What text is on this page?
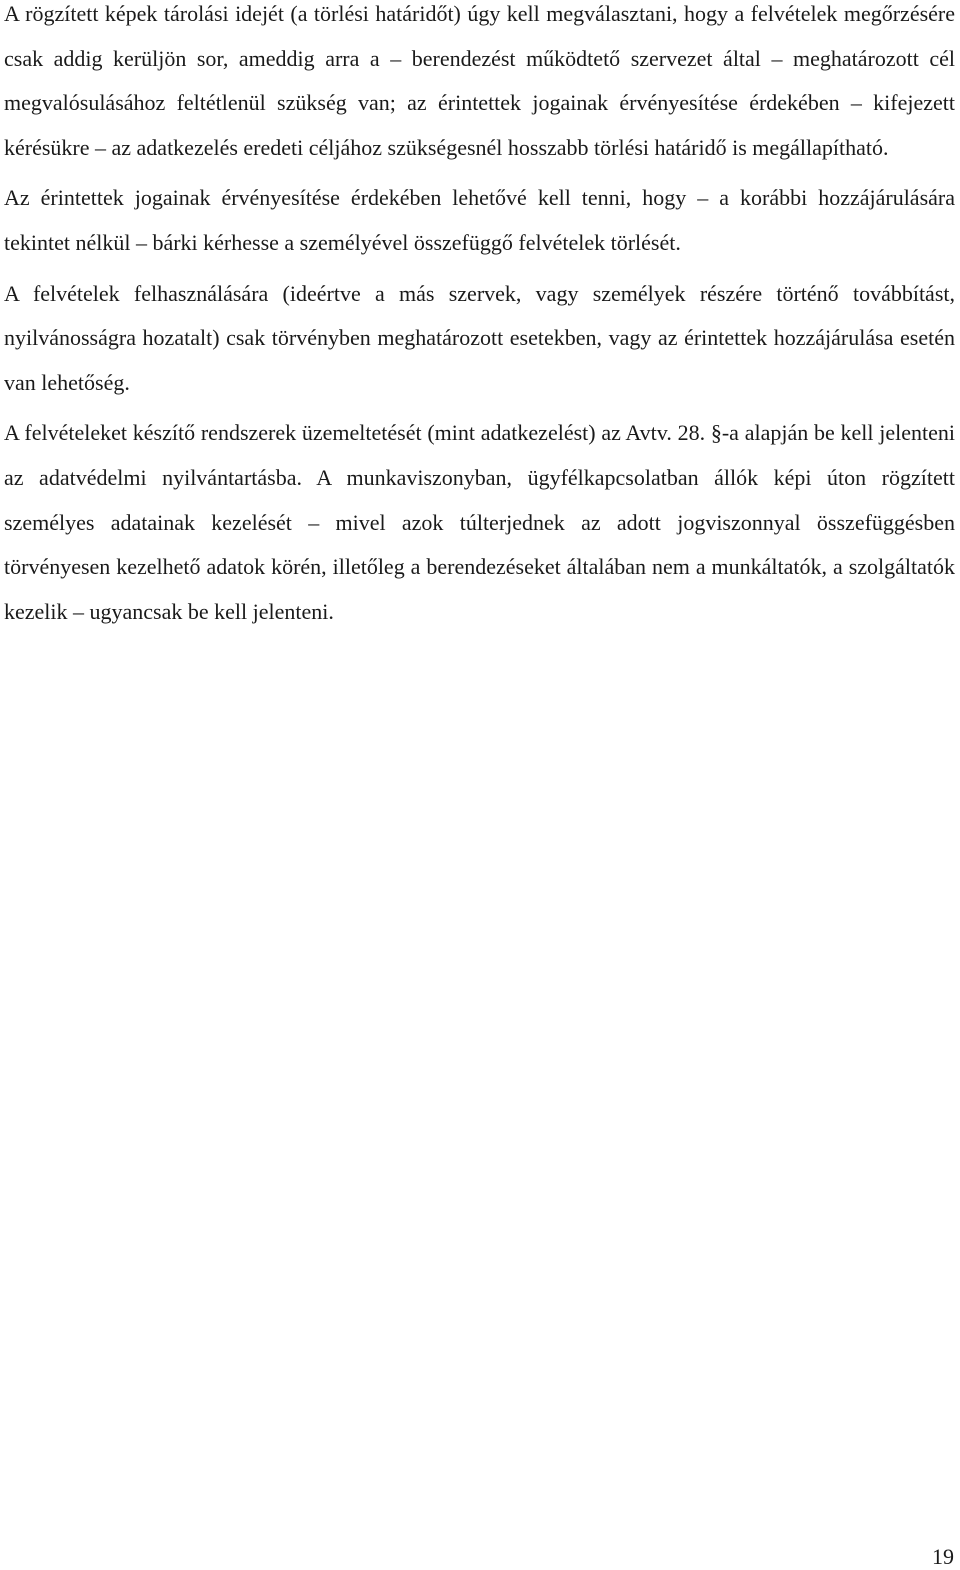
A rögzített képek tárolási idejét (a törlési határidőt) úgy kell megválasztani, hogy a felvételek megőrzésére csak addig kerüljön sor, ameddig arra a – berendezést működtető szervezet által – meghatározott cél megvalósulásához feltétlenül szükség van; az érintettek jogainak érvényesítése érdekében – kifejezett kérésükre – az adatkezelés eredeti céljához szükségesnél hosszabb törlési határidő is megállapítható.

Az érintettek jogainak érvényesítése érdekében lehetővé kell tenni, hogy – a korábbi hozzájárulására tekintet nélkül – bárki kérhesse a személyével összefüggő felvételek törlését.

A felvételek felhasználására (ideértve a más szervek, vagy személyek részére történő továbbítást, nyilvánosságra hozatalt) csak törvényben meghatározott esetekben, vagy az érintettek hozzájárulása esetén van lehetőség.

A felvételeket készítő rendszerek üzemeltetését (mint adatkezelést) az Avtv. 28. §-a alapján be kell jelenteni az adatvédelmi nyilvántartásba. A munkaviszonyban, ügyfélkapcsolatban állók képi úton rögzített személyes adatainak kezelését – mivel azok túlterjednek az adott jogviszonnyal összefüggésben törvényesen kezelhető adatok körén, illetőleg a berendezéseket általában nem a munkáltatók, a szolgáltatók kezelik – ugyancsak be kell jelenteni.

19
